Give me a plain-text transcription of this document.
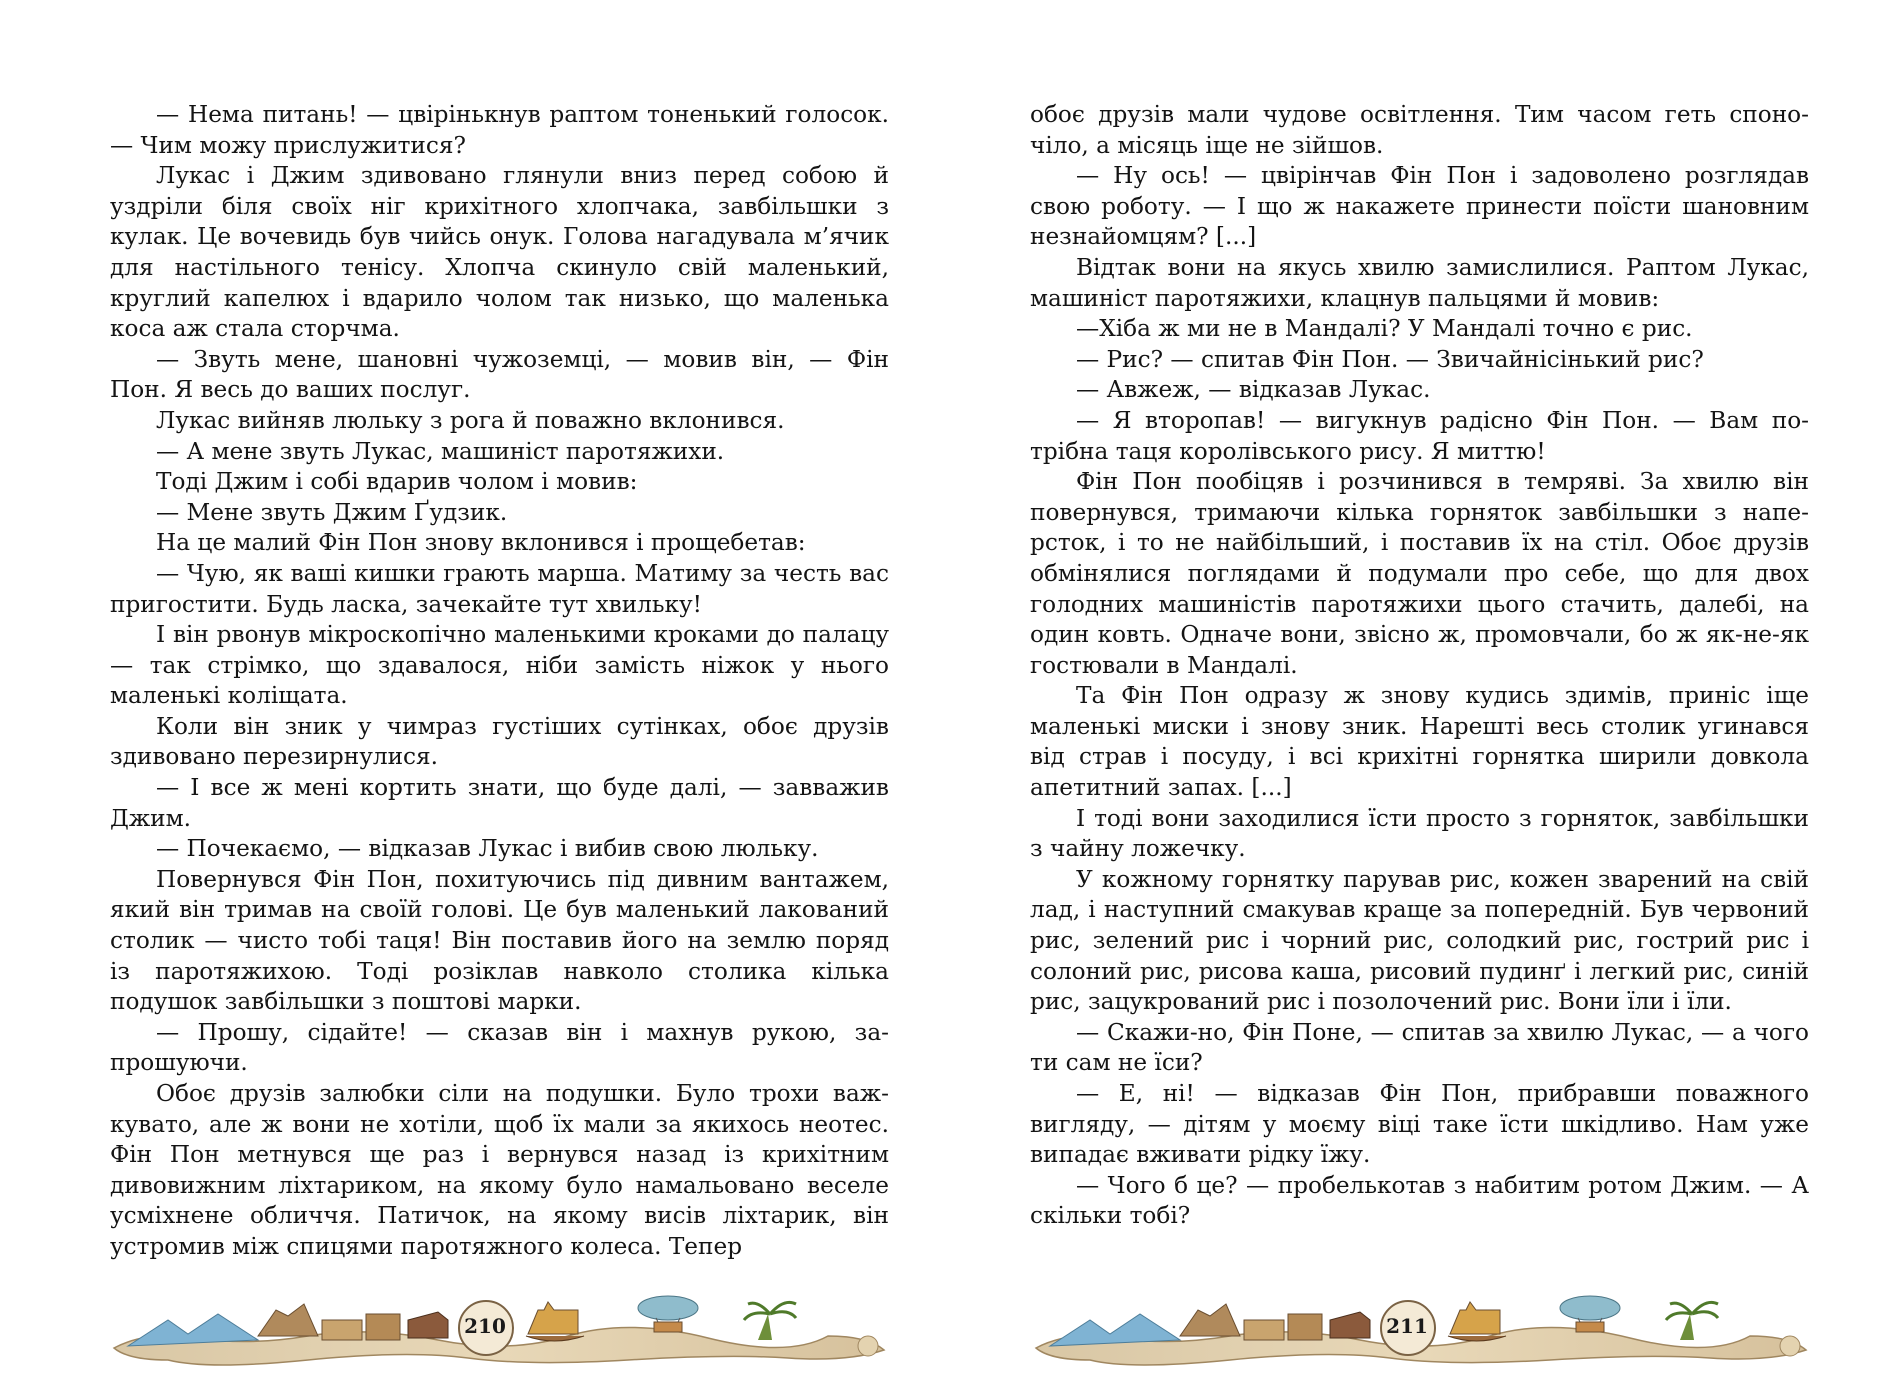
— Нема питань! — цвірінькнув раптом тоненький голосок. — Чим можу прислужитися?

Лукас і Джим здивовано глянули вниз перед собою й уздріли біля своїх ніг крихітного хлопчака, завбільшки з кулак. Це вочевидь був чийсь онук. Голова нагадувала м’ячик для настільного тенісу. Хлопча скинуло свій маленький, круглий капелюх і вдарило чолом так низько, що маленька коса аж стала сторчма.

— Звуть мене, шановні чужоземці, — мовив він, — Фін Пон. Я весь до ваших послуг.

Лукас вийняв люльку з рога й поважно вклонився.

— А мене звуть Лукас, машиніст паротяжихи.

Тоді Джим і собі вдарив чолом і мовив:

— Мене звуть Джим Ґудзик.

На це малий Фін Пон знову вклонився і прощебетав:

— Чую, як ваші кишки грають марша. Матиму за честь вас пригостити. Будь ласка, зачекайте тут хвильку!

І він рвонув мікроскопічно маленькими кроками до палацу — так стрімко, що здавалося, ніби замість ніжок у нього маленькі коліщата.

Коли він зник у чимраз густіших сутінках, обоє друзів здивовано перезирнулися.

— І все ж мені кортить знати, що буде далі, — завважив Джим.

— Почекаємо, — відказав Лукас і вибив свою люльку.

Повернувся Фін Пон, похитуючись під дивним вантажем, який він тримав на своїй голові. Це був маленький лакований столик — чисто тобі таця! Він поставив його на землю поряд із паротяжихою. Тоді розіклав навколо столика кілька подушок завбільшки з поштові марки.

— Прошу, сідайте! — сказав він і махнув рукою, запрошуючи.

Обоє друзів залюбки сіли на подушки. Було трохи важкувато, але ж вони не хотіли, щоб їх мали за якихось неотес. Фін Пон метнувся ще раз і вернувся назад із крихітним дивовижним ліхтариком, на якому було намальовано веселе усміхнене обличчя. Патичок, на якому висів ліхтарик, він устромив між спицями паротяжного колеса. Тепер

обоє друзів мали чудове освітлення. Тим часом геть споночіло, а місяць іще не зійшов.

— Ну ось! — цвірінчав Фін Пон і задоволено розглядав свою роботу. — І що ж накажете принести поїсти шановним незнайомцям? [...]

Відтак вони на якусь хвилю замислилися. Раптом Лукас, машиніст паротяжихи, клацнув пальцями й мовив:

—Хіба ж ми не в Мандалі? У Мандалі точно є рис.

— Рис? — спитав Фін Пон. — Звичайнісінький рис?

— Авжеж, — відказав Лукас.

— Я второпав! — вигукнув радісно Фін Пон. — Вам потрібна таця королівського рису. Я миттю!

Фін Пон пообіцяв і розчинився в темряві. За хвилю він повернувся, тримаючи кілька горняток завбільшки з наперсток, і то не найбільший, і поставив їх на стіл. Обоє друзів обмінялися поглядами й подумали про себе, що для двох голодних машиністів паротяжихи цього стачить, далебі, на один ковть. Одначе вони, звісно ж, промовчали, бо ж як-не-як гостювали в Мандалі.

Та Фін Пон одразу ж знову кудись здимів, приніс іще маленькі миски і знову зник. Нарешті весь столик угинався від страв і посуду, і всі крихітні горнятка ширили довкола апетитний запах. [...]

І тоді вони заходилися їсти просто з горняток, завбільшки з чайну ложечку.

У кожному горнятку парував рис, кожен зварений на свій лад, і наступний смакував краще за попередній. Був червоний рис, зелений рис і чорний рис, солодкий рис, гострий рис і солоний рис, рисова каша, рисовий пудинґ і легкий рис, синій рис, зацукрований рис і позолочений рис. Вони їли і їли.

— Скажи-но, Фін Поне, — спитав за хвилю Лукас, — а чого ти сам не їси?

— Е, ні! — відказав Фін Пон, прибравши поважного вигляду, — дітям у моєму віці таке їсти шкідливо. Нам уже випадає вживати рідку їжу.

— Чого б це? — пробелькотав з набитим ротом Джим. — А скільки тобі?

210	211
